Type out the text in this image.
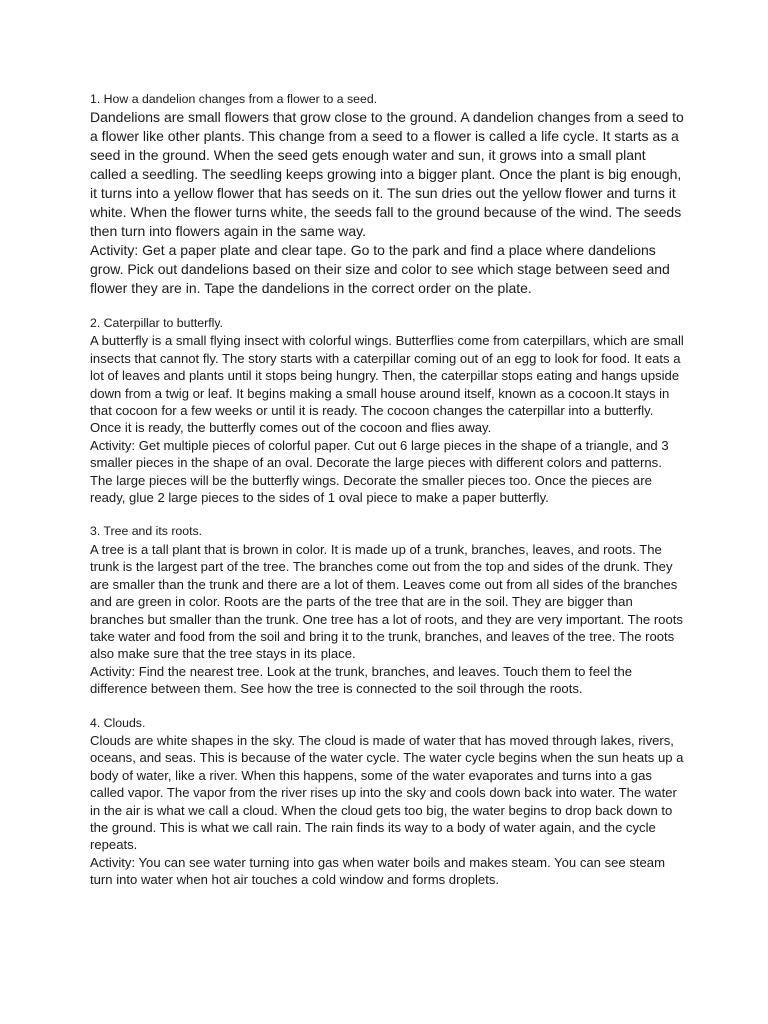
1. How a dandelion changes from a flower to a seed.

Dandelions are small flowers that grow close to the ground. A dandelion changes from a seed to a flower like other plants. This change from a seed to a flower is called a life cycle. It starts as a seed in the ground. When the seed gets enough water and sun, it grows into a small plant called a seedling. The seedling keeps growing into a bigger plant. Once the plant is big enough, it turns into a yellow flower that has seeds on it. The sun dries out the yellow flower and turns it white. When the flower turns white, the seeds fall to the ground because of the wind. The seeds then turn into flowers again in the same way.

Activity: Get a paper plate and clear tape. Go to the park and find a place where dandelions grow. Pick out dandelions based on their size and color to see which stage between seed and flower they are in. Tape the dandelions in the correct order on the plate.

2. Caterpillar to butterfly.

A butterfly is a small flying insect with colorful wings. Butterflies come from caterpillars, which are small insects that cannot fly. The story starts with a caterpillar coming out of an egg to look for food. It eats a lot of leaves and plants until it stops being hungry. Then, the caterpillar stops eating and hangs upside down from a twig or leaf. It begins making a small house around itself, known as a cocoon.It stays in that cocoon for a few weeks or until it is ready. The cocoon changes the caterpillar into a butterfly. Once it is ready, the butterfly comes out of the cocoon and flies away.

Activity: Get multiple pieces of colorful paper. Cut out 6 large pieces in the shape of a triangle, and 3 smaller pieces in the shape of an oval. Decorate the large pieces with different colors and patterns. The large pieces will be the butterfly wings. Decorate the smaller pieces too. Once the pieces are ready, glue 2 large pieces to the sides of 1 oval piece to make a paper butterfly.

3. Tree and its roots.

A tree is a tall plant that is brown in color. It is made up of a trunk, branches, leaves, and roots. The trunk is the largest part of the tree. The branches come out from the top and sides of the drunk. They are smaller than the trunk and there are a lot of them. Leaves come out from all sides of the branches and are green in color. Roots are the parts of the tree that are in the soil. They are bigger than branches but smaller than the trunk. One tree has a lot of roots, and they are very important. The roots take water and food from the soil and bring it to the trunk, branches, and leaves of the tree. The roots also make sure that the tree stays in its place.

Activity: Find the nearest tree. Look at the trunk, branches, and leaves. Touch them to feel the difference between them. See how the tree is connected to the soil through the roots.

4. Clouds.

Clouds are white shapes in the sky. The cloud is made of water that has moved through lakes, rivers, oceans, and seas. This is because of the water cycle. The water cycle begins when the sun heats up a body of water, like a river. When this happens, some of the water evaporates and turns into a gas called vapor. The vapor from the river rises up into the sky and cools down back into water. The water in the air is what we call a cloud. When the cloud gets too big, the water begins to drop back down to the ground. This is what we call rain. The rain finds its way to a body of water again, and the cycle repeats.

Activity: You can see water turning into gas when water boils and makes steam. You can see steam turn into water when hot air touches a cold window and forms droplets.
